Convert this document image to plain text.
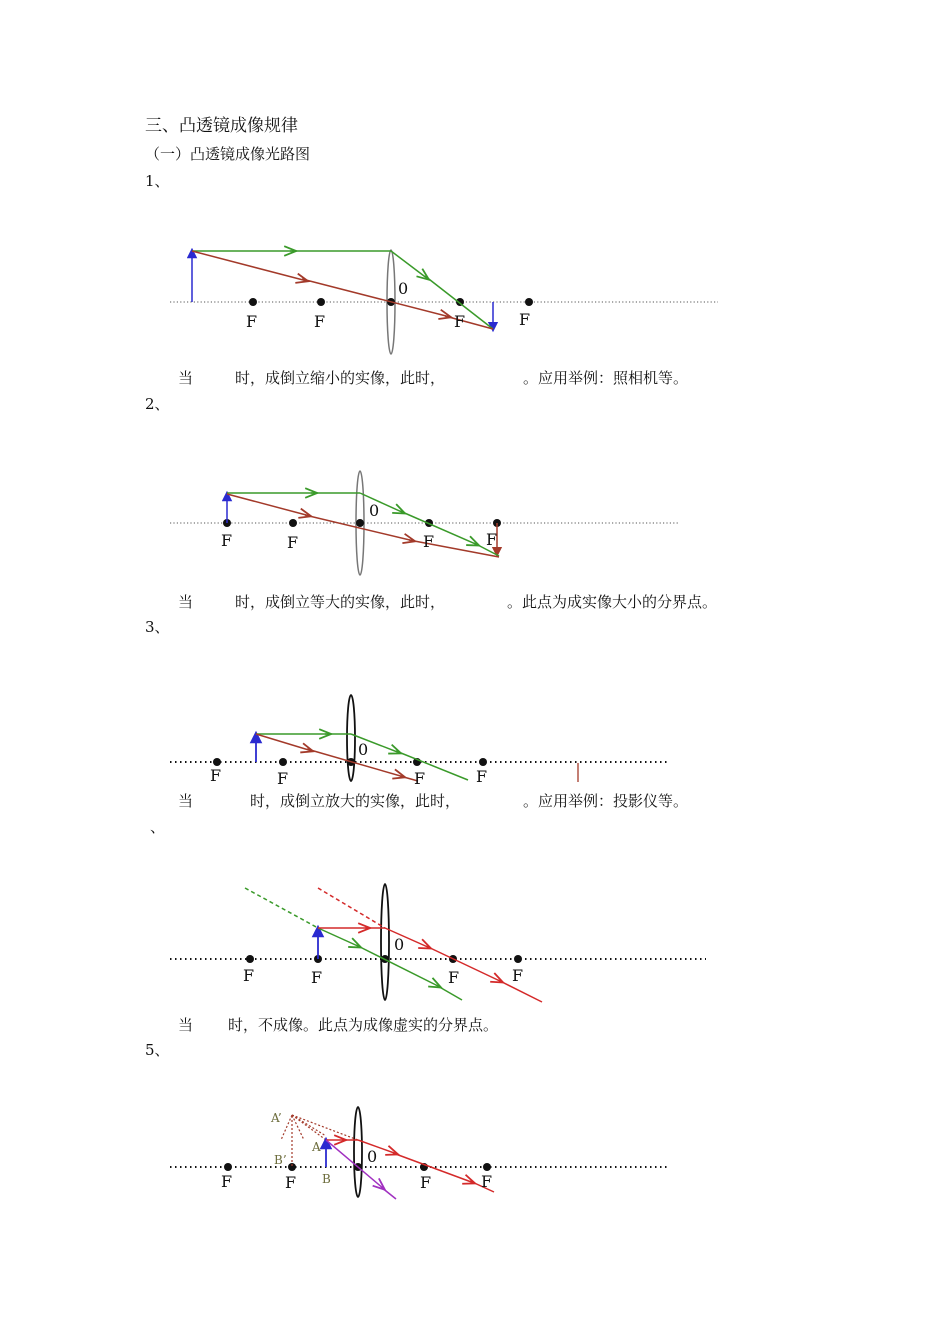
三、凸透镜成像规律
（一）凸透镜成像光路图
1、
F	F
0
F	F
当	时，成倒立缩小的实像，此时，	。应用举例：照相机等。
2、
F	F
0
F	F
当	时，成倒立等大的实像，此时，	。此点为成实像大小的分界点。
3、
F	F
0
F	F
当	时，成倒立放大的实像，此时，	。应用举例：投影仪等。
、
F	F
0
F	F
当 时，不成像。此点为成像虚实的分界点。
5、
A’
B’
A
B
F	F
0
F	F
